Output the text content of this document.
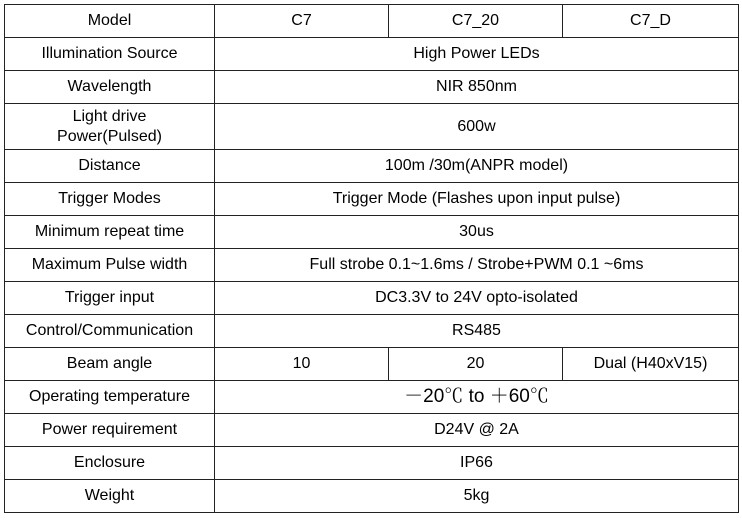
Model	C7	C7_20	C7_D
Illumination Source	High Power LEDs		
Wavelength	NIR 850nm		

Light drive
Power(Pulsed)	600w		
Distance	100m /30m(ANPR model)		
Trigger Modes	Trigger Mode (Flashes upon input pulse)		
Minimum repeat time	30us		
Maximum Pulse width	Full strobe 0.1~1.6ms / Strobe+PWM 0.1 ~6ms		
Trigger input	DC3.3V to 24V opto-isolated		
Control/Communication	RS485		
Beam angle	10	20	Dual (H40xV15)
Operating temperature	－20℃ to ＋60℃		
Power requirement	D24V @ 2A		
Enclosure	IP66		
Weight	5kg		
